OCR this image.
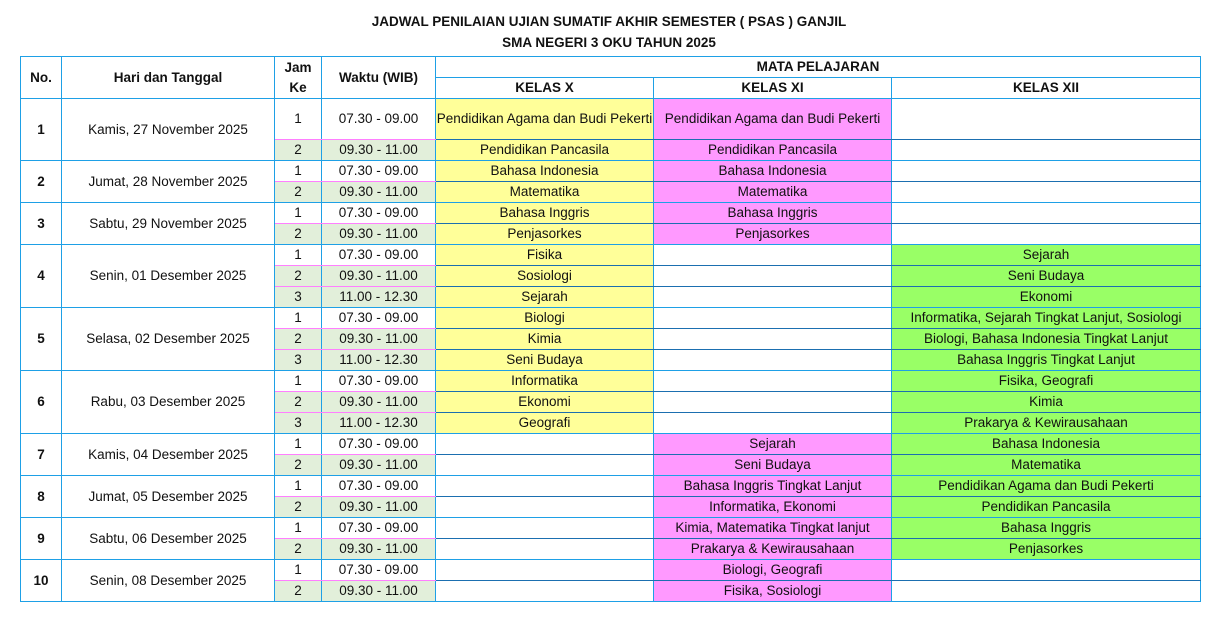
JADWAL PENILAIAN UJIAN SUMATIF AKHIR SEMESTER ( PSAS ) GANJIL
SMA NEGERI 3 OKU TAHUN 2025
No.	Hari dan Tanggal	Jam
Ke	Waktu (WIB)	MATA PELAJARAN		
				KELAS X	KELAS XI	KELAS XII
1	Kamis, 27 November 2025	1	07.30 - 09.00	Pendidikan Agama dan Budi Pekerti	Pendidikan Agama dan Budi Pekerti	
		2	09.30 - 11.00	Pendidikan Pancasila	Pendidikan Pancasila	
2	Jumat, 28 November 2025	1	07.30 - 09.00	Bahasa Indonesia	Bahasa Indonesia	
		2	09.30 - 11.00	Matematika	Matematika	
3	Sabtu, 29 November 2025	1	07.30 - 09.00	Bahasa Inggris	Bahasa Inggris	
		2	09.30 - 11.00	Penjasorkes	Penjasorkes	
4	Senin, 01 Desember 2025	1	07.30 - 09.00	Fisika		Sejarah
		2	09.30 - 11.00	Sosiologi		Seni Budaya
		3	11.00 - 12.30	Sejarah		Ekonomi
5	Selasa, 02 Desember 2025	1	07.30 - 09.00	Biologi		Informatika, Sejarah Tingkat Lanjut, Sosiologi
		2	09.30 - 11.00	Kimia		Biologi, Bahasa Indonesia Tingkat Lanjut
		3	11.00 - 12.30	Seni Budaya		Bahasa Inggris Tingkat Lanjut
6	Rabu, 03 Desember 2025	1	07.30 - 09.00	Informatika		Fisika, Geografi
		2	09.30 - 11.00	Ekonomi		Kimia
		3	11.00 - 12.30	Geografi		Prakarya & Kewirausahaan
7	Kamis, 04 Desember 2025	1	07.30 - 09.00		Sejarah	Bahasa Indonesia
		2	09.30 - 11.00		Seni Budaya	Matematika
8	Jumat, 05 Desember 2025	1	07.30 - 09.00		Bahasa Inggris Tingkat Lanjut	Pendidikan Agama dan Budi Pekerti
		2	09.30 - 11.00		Informatika, Ekonomi	Pendidikan Pancasila
9	Sabtu, 06 Desember 2025	1	07.30 - 09.00		Kimia, Matematika Tingkat lanjut	Bahasa Inggris
		2	09.30 - 11.00		Prakarya & Kewirausahaan	Penjasorkes
10	Senin, 08 Desember 2025	1	07.30 - 09.00		Biologi, Geografi	
		2	09.30 - 11.00		Fisika, Sosiologi	
